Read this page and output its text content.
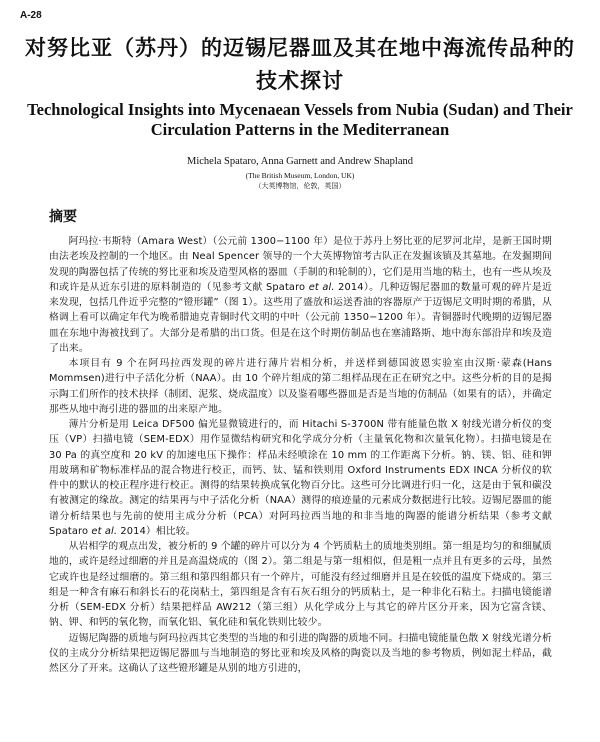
A-28
对努比亚（苏丹）的迈锡尼器皿及其在地中海流传品种的技术探讨
Technological Insights into Mycenaean Vessels from Nubia (Sudan) and Their Circulation Patterns in the Mediterranean
Michela Spataro, Anna Garnett and Andrew Shapland
(The British Museum, London, UK)
（大英博物馆，伦敦，英国）
摘要

阿玛拉·韦斯特（Amara West）（公元前 1300−1100 年）是位于苏丹上努比亚的尼罗河北岸，是新王国时期由法老埃及控制的一个地区。由 Neal Spencer 领导的一个大英博物馆考古队正在发掘该镇及其墓地。在发掘期间发现的陶器包括了传统的努比亚和埃及造型风格的器皿（手制的和轮制的），它们是用当地的粘土，也有一些从埃及和或许是从近东引进的原料制造的（见参考文献 Spataro et al. 2014）。几种迈锡尼器皿的数量可观的碎片是近来发现，包括几件近乎完整的“镫形罐”（图 1）。这些用了盛放和运送香油的容器原产于迈锡尼文明时期的希腊，从格调上看可以确定年代为晚希腊迪克青铜时代文明的中叶（公元前 1350−1200 年）。青铜器时代晚期的迈锡尼器皿在东地中海被找到了。大部分是希腊的出口货。但是在这个时期仿制品也在塞浦路斯、地中海东部沿岸和埃及造了出来。

本项目有 9 个在阿玛拉西发现的碎片进行薄片岩相分析，并送样到德国波恩实验室由汉斯·蒙森(Hans Mommsen)进行中子活化分析（NAA）。由 10 个碎片组成的第二组样品现在正在研究之中。这些分析的目的是揭示陶工们所作的技术抉择（制团、泥浆、烧成温度）以及鉴看哪些器皿是否是当地的仿制品（如果有的话），并确定那些从地中海引进的器皿的出来原产地。

薄片分析是用 Leica DF500 偏光显微镜进行的，而 Hitachi S-3700N 带有能量色散 X 射线光谱分析仪的变压（VP）扫描电镜（SEM-EDX）用作显微结构研究和化学成分分析（主量氧化物和次量氧化物）。扫描电镜是在 30 Pa 的真空度和 20 kV 的加速电压下操作：样品未经喷涂在 10 mm 的工作距离下分析。钠、镁、铝、硅和钾用玻璃和矿物标准样品的混合物进行校正，而钙、钛、锰和铁则用 Oxford Instruments EDX INCA 分析仪的软件中的默认的校正程序进行校正。测得的结果转换成氧化物百分比。这些可分比调进行归一化，这是由于氧和碳没有被测定的缘故。测定的结果再与中子活化分析（NAA）测得的痕迹量的元素成分数据进行比较。迈锡尼器皿的能谱分析结果也与先前的使用主成分分析（PCA）对阿玛拉西当地的和非当地的陶器的能谱分析结果（参考文献 Spataro et al. 2014）相比较。

从岩相学的观点出发，被分析的 9 个罐的碎片可以分为 4 个钙质粘土的质地类别组。第一组是均匀的和细腻质地的，或许是经过细磨的并且是高温烧成的（图 2）。第二组是与第一组相似，但是粗一点并且有更多的云母，虽然它或许也是经过细磨的。第三组和第四组都只有一个碎片，可能没有经过细磨并且是在较低的温度下烧成的。第三组是一种含有麻石和斜长石的花岗粘土，第四组是含有石灰石组分的钙质粘土，是一种非化石粘土。扫描电镜能谱分析（SEM-EDX 分析）结果把样品 AW212（第三组）从化学成分上与其它的碎片区分开来，因为它富含镁、钠、钾、和钙的氧化物，而氧化铝、氧化硅和氧化铁则比较少。

迈锡尼陶器的质地与阿玛拉西其它类型的当地的和引进的陶器的质地不同。扫描电镜能量色散 X 射线光谱分析仪的主成分分析结果把迈锡尼器皿与当地制造的努比亚和埃及风格的陶瓷以及当地的参考物质，例如泥土样品，截然区分了开来。这确认了这些镫形罐是从别的地方引进的，
